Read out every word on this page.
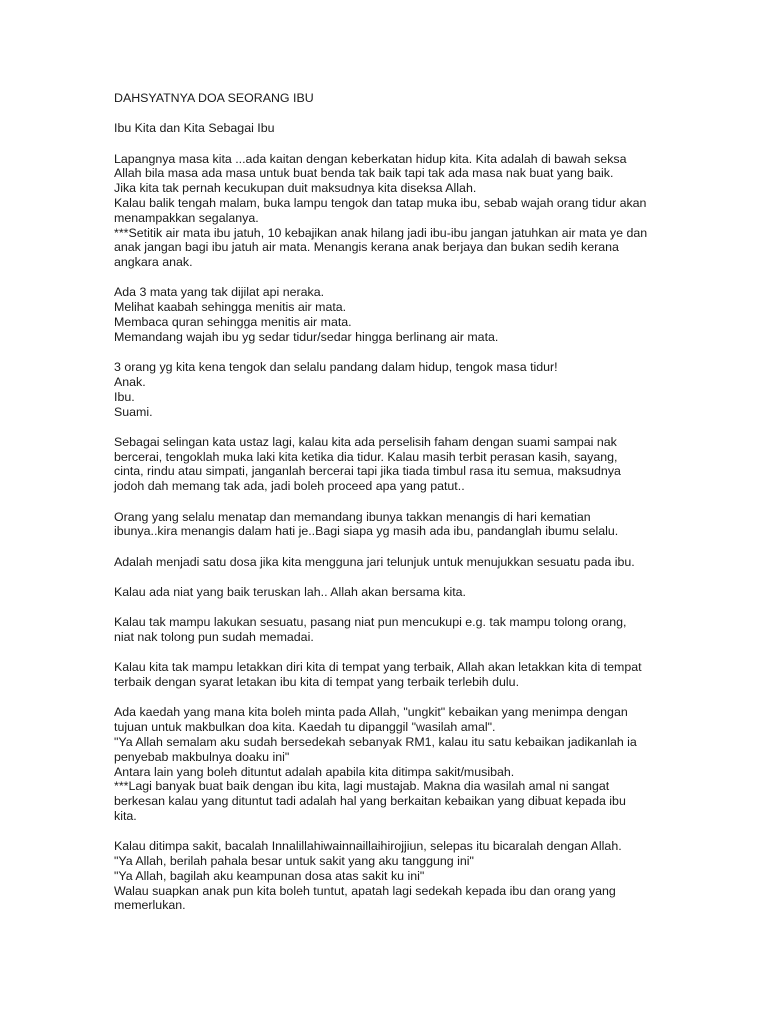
DAHSYATNYA DOA SEORANG IBU
Ibu Kita dan Kita Sebagai Ibu
Lapangnya masa kita ...ada kaitan dengan keberkatan hidup kita. Kita adalah di bawah seksa
Allah bila masa ada masa untuk buat benda tak baik tapi tak ada masa nak buat yang baik.
Jika kita tak pernah kecukupan duit maksudnya kita diseksa Allah.
Kalau balik tengah malam, buka lampu tengok dan tatap muka ibu, sebab wajah orang tidur akan
menampakkan segalanya.
***Setitik air mata ibu jatuh, 10 kebajikan anak hilang jadi ibu-ibu jangan jatuhkan air mata ye dan
anak jangan bagi ibu jatuh air mata. Menangis kerana anak berjaya dan bukan sedih kerana
angkara anak.
Ada 3 mata yang tak dijilat api neraka.
Melihat kaabah sehingga menitis air mata.
Membaca quran sehingga menitis air mata.
Memandang wajah ibu yg sedar tidur/sedar hingga berlinang air mata.
3 orang yg kita kena tengok dan selalu pandang dalam hidup, tengok masa tidur!
Anak.
Ibu.
Suami.
Sebagai selingan kata ustaz lagi, kalau kita ada perselisih faham dengan suami sampai nak
bercerai, tengoklah muka laki kita ketika dia tidur. Kalau masih terbit perasan kasih, sayang,
cinta, rindu atau simpati, janganlah bercerai tapi jika tiada timbul rasa itu semua, maksudnya
jodoh dah memang tak ada, jadi boleh proceed apa yang patut..
Orang yang selalu menatap dan memandang ibunya takkan menangis di hari kematian
ibunya..kira menangis dalam hati je..Bagi siapa yg masih ada ibu, pandanglah ibumu selalu.
Adalah menjadi satu dosa jika kita mengguna jari telunjuk untuk menujukkan sesuatu pada ibu.
Kalau ada niat yang baik teruskan lah.. Allah akan bersama kita.
Kalau tak mampu lakukan sesuatu, pasang niat pun mencukupi e.g. tak mampu tolong orang,
niat nak tolong pun sudah memadai.
Kalau kita tak mampu letakkan diri kita di tempat yang terbaik, Allah akan letakkan kita di tempat
terbaik dengan syarat letakan ibu kita di tempat yang terbaik terlebih dulu.
Ada kaedah yang mana kita boleh minta pada Allah, "ungkit" kebaikan yang menimpa dengan
tujuan untuk makbulkan doa kita. Kaedah tu dipanggil "wasilah amal".
"Ya Allah semalam aku sudah bersedekah sebanyak RM1, kalau itu satu kebaikan jadikanlah ia
penyebab makbulnya doaku ini"
Antara lain yang boleh dituntut adalah apabila kita ditimpa sakit/musibah.
***Lagi banyak buat baik dengan ibu kita, lagi mustajab. Makna dia wasilah amal ni sangat
berkesan kalau yang dituntut tadi adalah hal yang berkaitan kebaikan yang dibuat kepada ibu
kita.
Kalau ditimpa sakit, bacalah Innalillahiwainnaillaihirojjiun, selepas itu bicaralah dengan Allah.
"Ya Allah, berilah pahala besar untuk sakit yang aku tanggung ini"
"Ya Allah, bagilah aku keampunan dosa atas sakit ku ini"
Walau suapkan anak pun kita boleh tuntut, apatah lagi sedekah kepada ibu dan orang yang
memerlukan.
